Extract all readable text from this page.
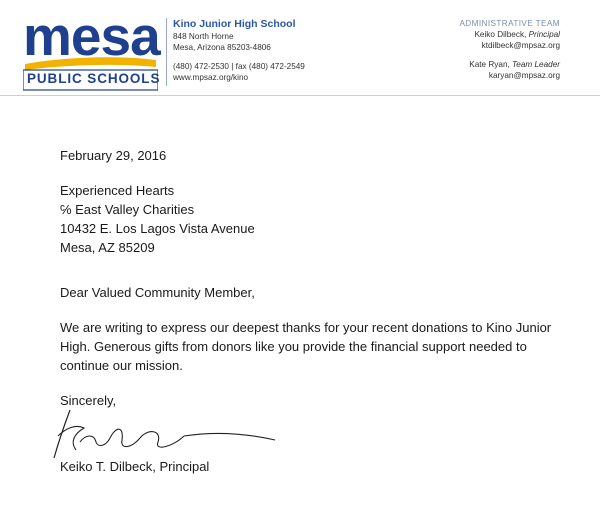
mesa
PUBLIC SCHOOLS
Kino Junior High School
848 North Horne
Mesa, Arizona 85203-4806
(480) 472-2530 | fax (480) 472-2549
www.mpsaz.org/kino
ADMINISTRATIVE TEAM
Keiko Dilbeck, Principal
ktdilbeck@mpsaz.org
Kate Ryan, Team Leader
karyan@mpsaz.org

February 29, 2016

Experienced Hearts

℅ East Valley Charities

10432 E. Los Lagos Vista Avenue

Mesa, AZ 85209

Dear Valued Community Member,

We are writing to express our deepest thanks for your recent donations to Kino Junior High. Generous gifts from donors like you provide the financial support needed to continue our mission.

Sincerely,

Keiko T. Dilbeck, Principal
